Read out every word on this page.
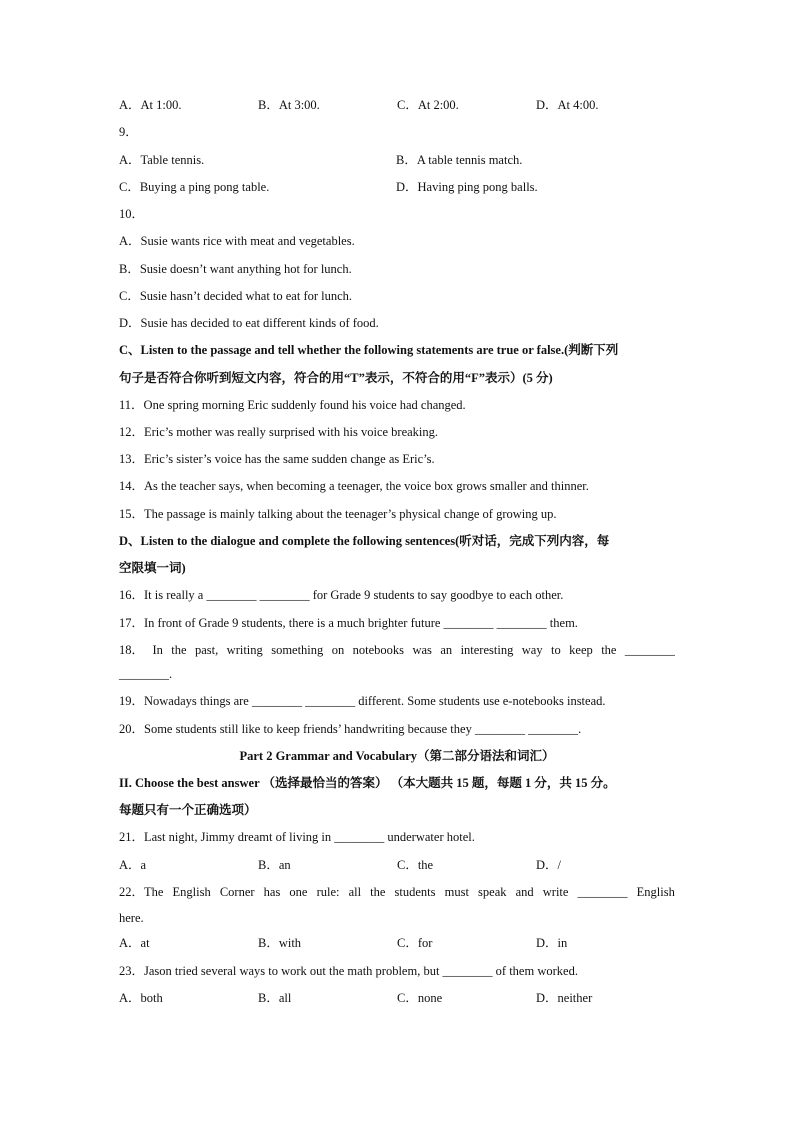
A．At 1:00.	B．At 3:00.	C．At 2:00.	D．At 4:00.
9．
A．Table tennis.	B．A table tennis match.
C．Buying a ping pong table.	D．Having ping pong balls.
10．
A．Susie wants rice with meat and vegetables.
B．Susie doesn’t want anything hot for lunch.
C．Susie hasn’t decided what to eat for lunch.
D．Susie has decided to eat different kinds of food.
C、Listen to the passage and tell whether the following statements are true or false.(判断下列
句子是否符合你听到短文内容，符合的用“T”表示，不符合的用“F”表示）(5 分)
11．One spring morning Eric suddenly found his voice had changed.
12．Eric’s mother was really surprised with his voice breaking.
13．Eric’s sister’s voice has the same sudden change as Eric’s.
14．As the teacher says, when becoming a teenager, the voice box grows smaller and thinner.
15．The passage is mainly talking about the teenager’s physical change of growing up.
D、Listen to the dialogue and complete the following sentences(听对话，完成下列内容，每
空限填一词)
16．It is really a ________ ________ for Grade 9 students to say goodbye to each other.
17．In front of Grade 9 students, there is a much brighter future ________ ________ them.
18． In the past, writing something on notebooks was an interesting way to keep the ________
________.
19．Nowadays things are ________ ________ different. Some students use e-notebooks instead.
20．Some students still like to keep friends’ handwriting because they ________ ________.
Part 2 Grammar and Vocabulary（第二部分语法和词汇）
II. Choose the best answer （选择最恰当的答案） （本大题共 15 题，每题 1 分，共 15 分。
每题只有一个正确选项）
21．Last night, Jimmy dreamt of living in ________ underwater hotel.
A．a	B．an	C．the	D．/
22．The English Corner has one rule: all the students must speak and write ________ English
here.
A．at	B．with	C．for	D．in
23．Jason tried several ways to work out the math problem, but ________ of them worked.
A．both	B．all	C．none	D．neither
